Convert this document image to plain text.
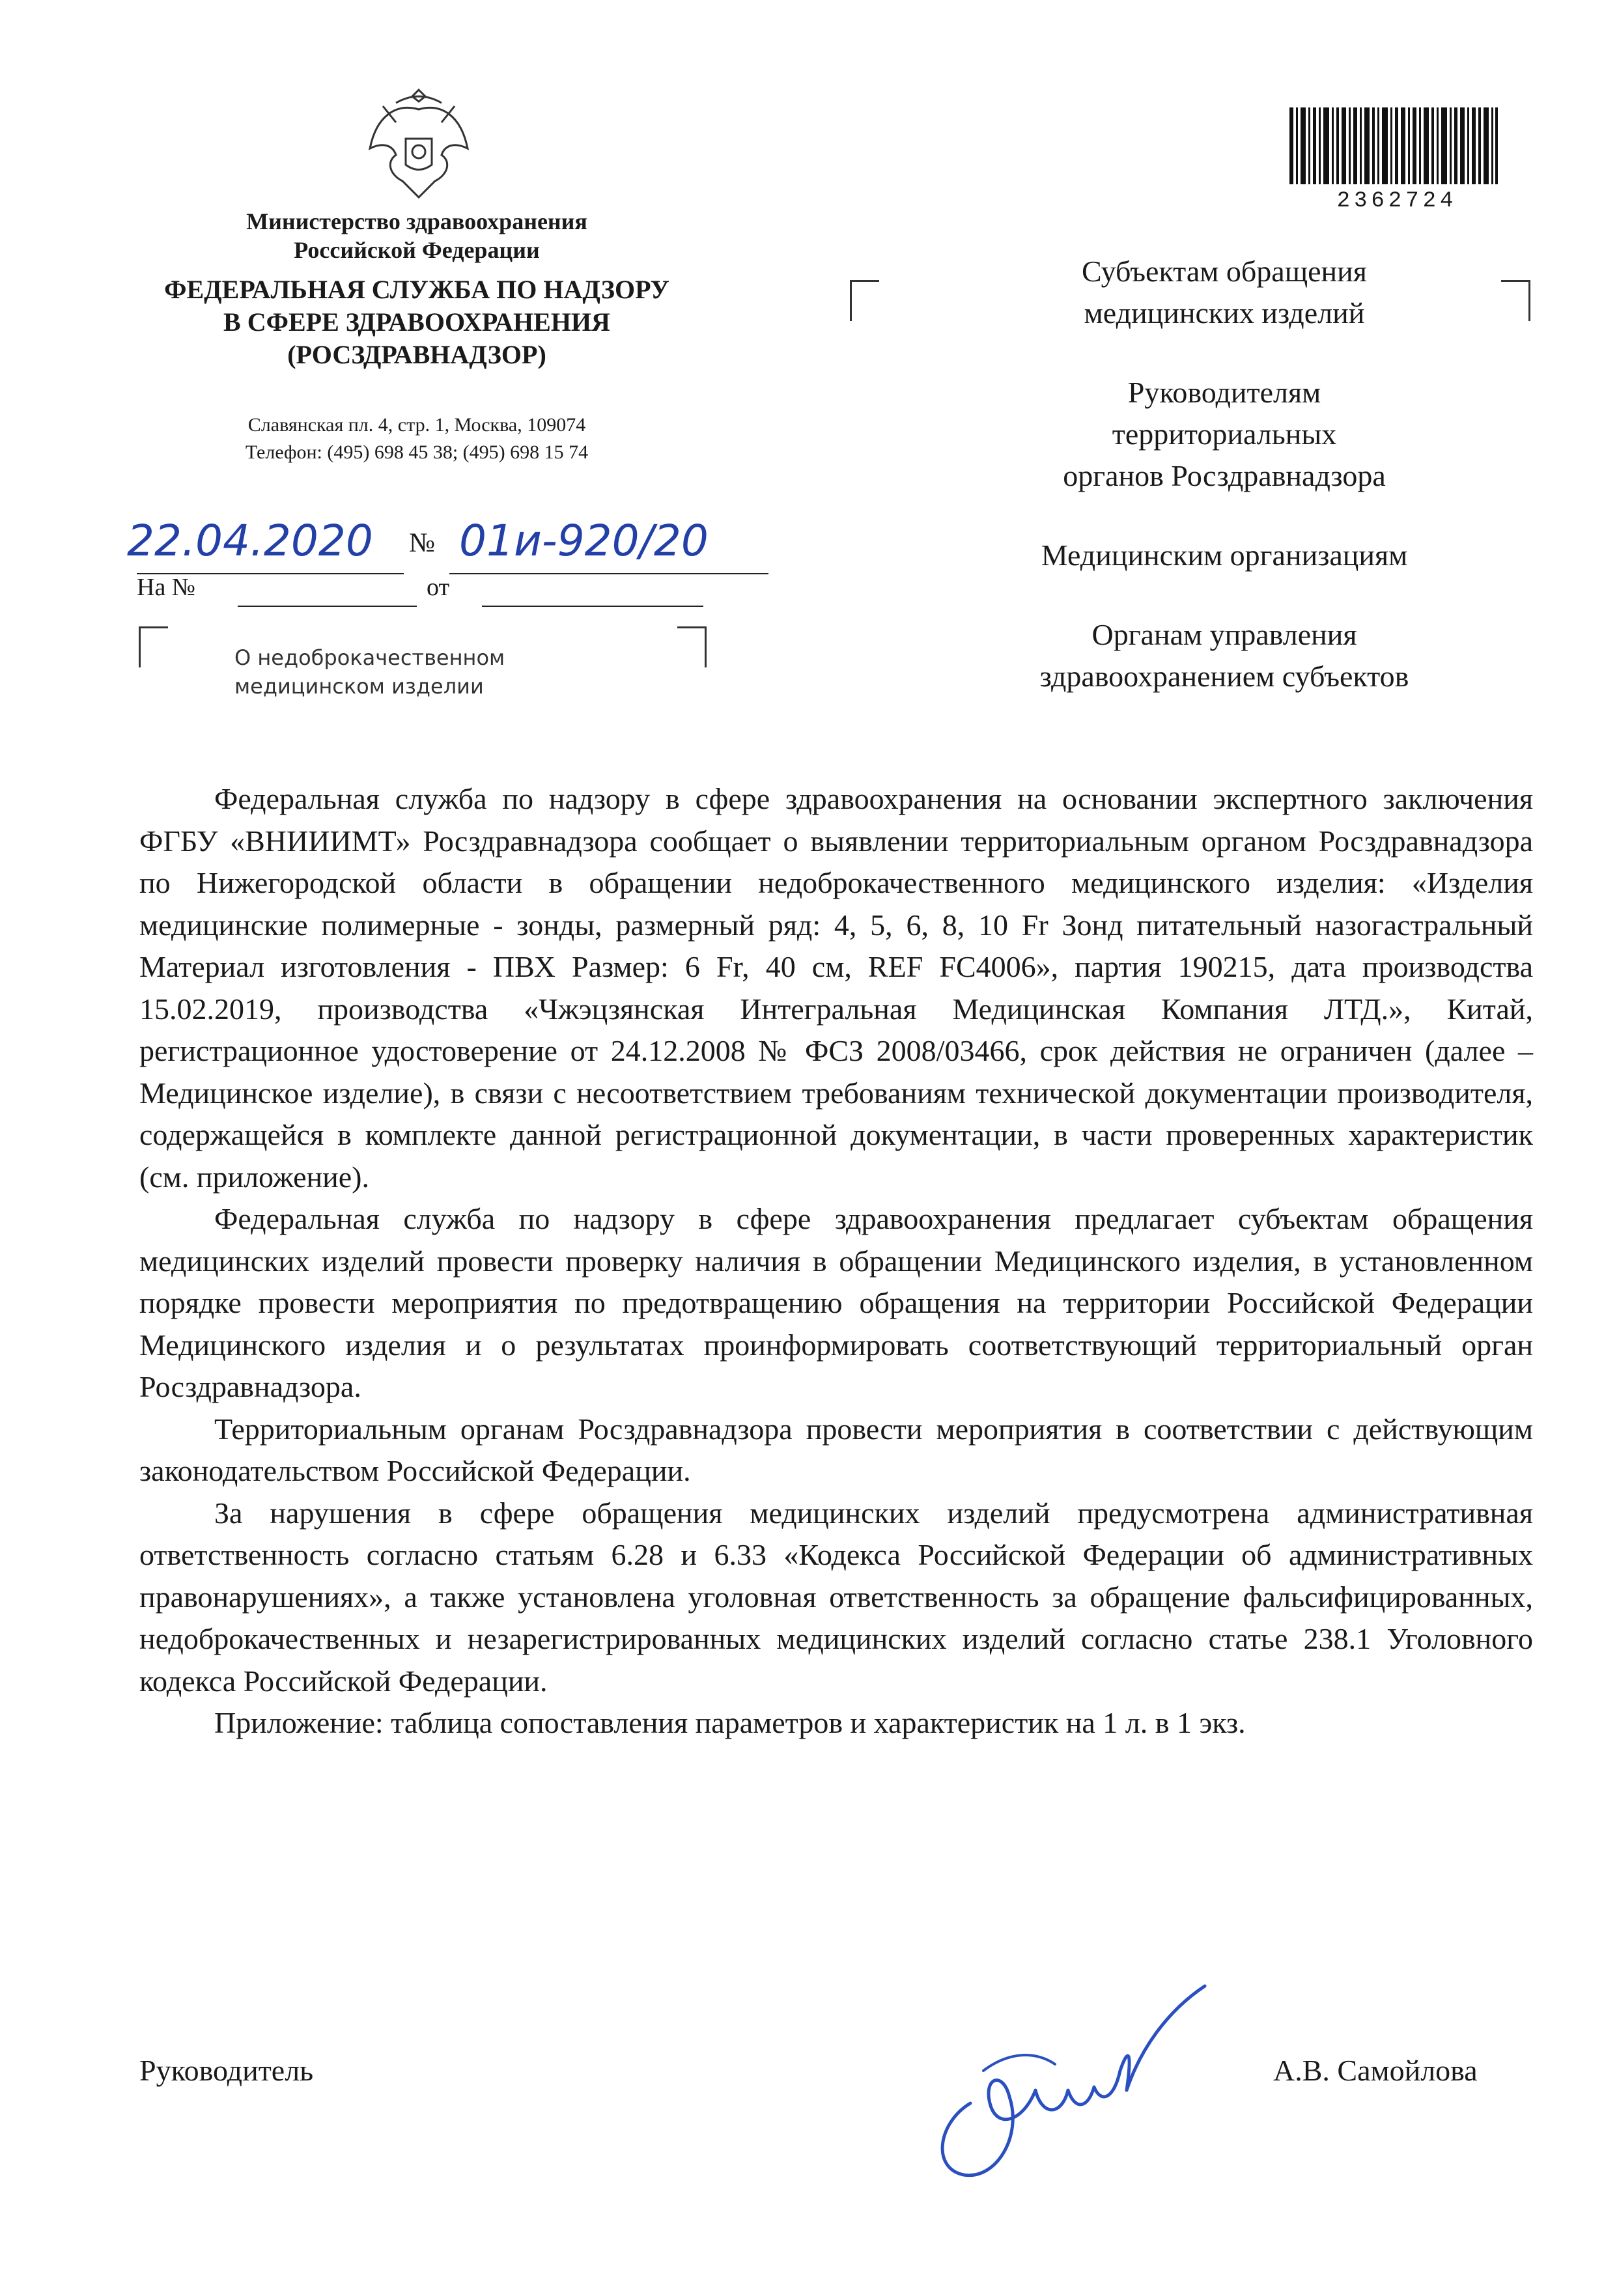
2362724
Министерство здравоохранения
Российской Федерации
ФЕДЕРАЛЬНАЯ СЛУЖБА ПО НАДЗОРУ
В СФЕРЕ ЗДРАВООХРАНЕНИЯ
(РОСЗДРАВНАДЗОР)
Славянская пл. 4, стр. 1, Москва, 109074
Телефон: (495) 698 45 38; (495) 698 15 74
22.04.2020 № 01и-920/20
На №	от
О недоброкачественном
медицинском изделии
Субъектам обращения
медицинских изделий
Руководителям
территориальных
органов Росздравнадзора
Медицинским организациям
Органам управления
здравоохранением субъектов

Федеральная служба по надзору в сфере здравоохранения на основании экспертного заключения ФГБУ «ВНИИИМТ» Росздравнадзора сообщает о выявлении территориальным органом Росздравнадзора по Нижегородской области в обращении недоброкачественного медицинского изделия: «Изделия медицинские полимерные - зонды, размерный ряд: 4, 5, 6, 8, 10 Fr Зонд питательный назогастральный Материал изготовления - ПВХ Размер: 6 Fr, 40 см, REF FC4006», партия 190215, дата производства 15.02.2019, производства «Чжэцзянская Интегральная Медицинская Компания ЛТД.», Китай, регистрационное удостоверение от 24.12.2008 № ФСЗ 2008/03466, срок действия не ограничен (далее – Медицинское изделие), в связи с несоответствием требованиям технической документации производителя, содержащейся в комплекте данной регистрационной документации, в части проверенных характеристик (см. приложение).

Федеральная служба по надзору в сфере здравоохранения предлагает субъектам обращения медицинских изделий провести проверку наличия в обращении Медицинского изделия, в установленном порядке провести мероприятия по предотвращению обращения на территории Российской Федерации Медицинского изделия и о результатах проинформировать соответствующий территориальный орган Росздравнадзора.

Территориальным органам Росздравнадзора провести мероприятия в соответствии с действующим законодательством Российской Федерации.

За нарушения в сфере обращения медицинских изделий предусмотрена административная ответственность согласно статьям 6.28 и 6.33 «Кодекса Российской Федерации об административных правонарушениях», а также установлена уголовная ответственность за обращение фальсифицированных, недоброкачественных и незарегистрированных медицинских изделий согласно статье 238.1 Уголовного кодекса Российской Федерации.

Приложение: таблица сопоставления параметров и характеристик на 1 л. в 1 экз.

Руководитель	А.В. Самойлова
